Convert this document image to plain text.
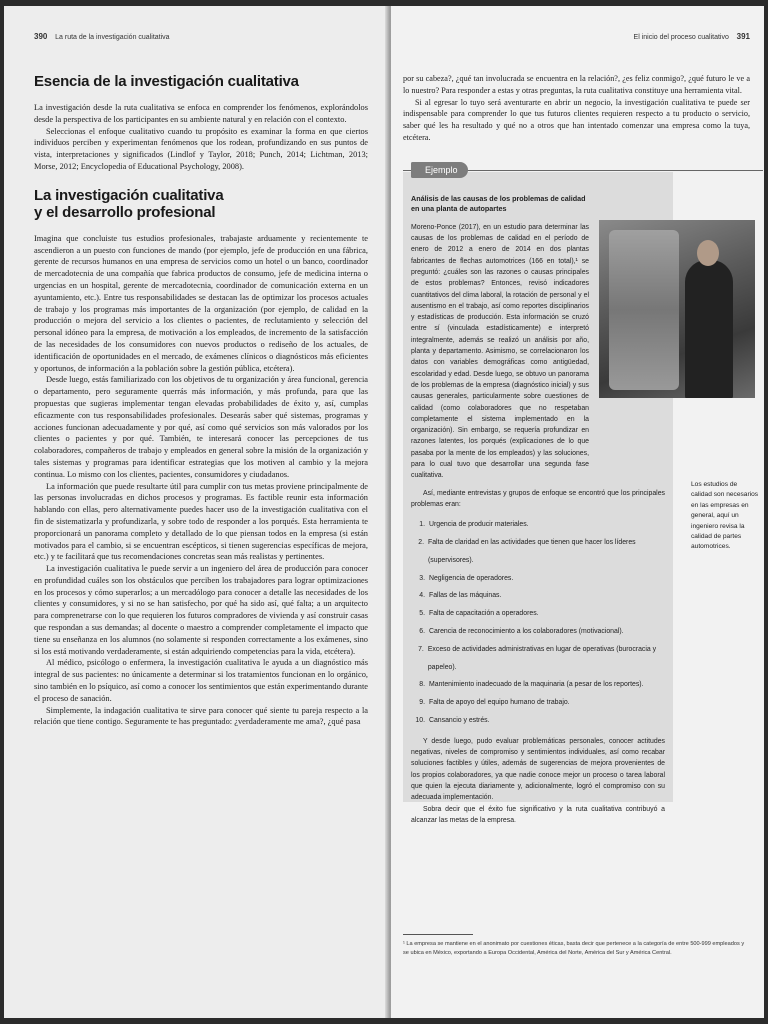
390 La ruta de la investigación cualitativa
Esencia de la investigación cualitativa

La investigación desde la ruta cualitativa se enfoca en comprender los fenómenos, explorándolos desde la perspectiva de los participantes en su ambiente natural y en relación con el contexto.

Seleccionas el enfoque cualitativo cuando tu propósito es examinar la forma en que ciertos individuos perciben y experimentan fenómenos que los rodean, profundizando en sus puntos de vista, interpretaciones y significados (Lindlof y Taylor, 2018; Punch, 2014; Lichtman, 2013; Morse, 2012; Encyclopedia of Educational Psychology, 2008).

La investigación cualitativa
y el desarrollo profesional

Imagina que concluiste tus estudios profesionales, trabajaste arduamente y recientemente te ascendieron a un puesto con funciones de mando (por ejemplo, jefe de producción en una fábrica, gerente de recursos humanos en una empresa de servicios como un hotel o un banco, coordinador de mercadotecnia de una compañía que fabrica productos de consumo, jefe de medicina interna o urgencias en un hospital, gerente de mercadotecnia, coordinador de comunicación externa en un ayuntamiento, etc.). Entre tus responsabilidades se destacan las de optimizar los procesos actuales de trabajo y los programas más importantes de la organización (por ejemplo, de calidad en la producción o mejora del servicio a los clientes o pacientes, de reclutamiento y selección del personal idóneo para la empresa, de motivación a los empleados, de incremento de la satisfacción de las necesidades de los consumidores con nuevos productos o rediseño de los actuales, de identificación de oportunidades en el mercado, de exámenes clínicos o diagnósticos más eficientes y oportunos, de información a la población sobre la gestión pública, etcétera).

Desde luego, estás familiarizado con los objetivos de tu organización y área funcional, gerencia o departamento, pero seguramente querrás más información, y más profunda, para que las propuestas que sugieras implementar tengan elevadas probabilidades de éxito y, así, cumplas eficazmente con tus responsabilidades profesionales. Desearás saber qué sistemas, programas y acciones funcionan adecuadamente y por qué, así como qué servicios son más valorados por los clientes o pacientes y por qué. También, te interesará conocer las percepciones de tus colaboradores, compañeros de trabajo y empleados en general sobre la misión de la organización y tales sistemas y programas para identificar estrategias que los motiven al cambio y la mejora continua. Lo mismo con los clientes, pacientes, consumidores y ciudadanos.

La información que puede resultarte útil para cumplir con tus metas proviene principalmente de las personas involucradas en dichos procesos y programas. Es factible reunir esta información hablando con ellas, pero alternativamente puedes hacer uso de la investigación cualitativa con el fin de sistematizarla y profundizarla, y sobre todo de responder a los porqués. Esta herramienta te proporcionará un panorama completo y detallado de lo que piensan todos en la empresa (si están motivados para el cambio, si se encuentran escépticos, si tienen sugerencias específicas de mejora, etc.) y te facilitará que tus recomendaciones concretas sean más realistas y pertinentes.

La investigación cualitativa le puede servir a un ingeniero del área de producción para conocer en profundidad cuáles son los obstáculos que perciben los trabajadores para lograr optimizaciones en los procesos y cómo superarlos; a un mercadólogo para conocer a detalle las necesidades de los clientes y consumidores, y si no se han satisfecho, por qué ha sido así, qué falta; a un arquitecto para comprenetrarse con lo que requieren los futuros compradores de vivienda y así construir casas que respondan a sus demandas; al docente o maestro a comprender completamente el impacto que tiene su enseñanza en los alumnos (no solamente si responden correctamente a los exámenes, sino si los está motivando verdaderamente, si están adquiriendo competencias para la vida, etcétera).

Al médico, psicólogo o enfermera, la investigación cualitativa le ayuda a un diagnóstico más integral de sus pacientes: no únicamente a determinar si los tratamientos funcionan en lo orgánico, sino también en lo psíquico, así como a conocer los sentimientos que están experimentando durante el proceso de sanación.

Simplemente, la indagación cualitativa te sirve para conocer qué siente tu pareja respecto a la relación que tiene contigo. Seguramente te has preguntado: ¿verdaderamente me ama?, ¿qué pasa

El inicio del proceso cualitativo 391

por su cabeza?, ¿qué tan involucrada se encuentra en la relación?, ¿es feliz conmigo?, ¿qué futuro le ve a lo nuestro? Para responder a estas y otras preguntas, la ruta cualitativa constituye una herramienta vital.

Si al egresar lo tuyo será aventurarte en abrir un negocio, la investigación cualitativa te puede ser indispensable para comprender lo que tus futuros clientes requieren respecto a tu producto o servicio, saber qué les ha resultado y qué no a otros que han intentado comenzar una empresa como la tuya, etcétera.

Ejemplo
Análisis de las causas de los problemas de calidad
en una planta de autopartes

Moreno-Ponce (2017), en un estudio para determinar las causas de los problemas de calidad en el período de enero de 2012 a enero de 2014 en dos plantas fabricantes de flechas automotrices (166 en total),¹ se preguntó: ¿cuáles son las razones o causas principales de estos problemas? Entonces, revisó indicadores cuantitativos del clima laboral, la rotación de personal y el ausentismo en el trabajo, así como reportes disciplinarios y estadísticas de producción. Esta información se cruzó entre sí (vinculada estadísticamente) e interpretó integralmente, además se realizó un análisis por año, planta y departamento. Asimismo, se correlacionaron los datos con variables demográficas como antigüedad, escolaridad y edad. Desde luego, se obtuvo un panorama de los problemas de la empresa (diagnóstico inicial) y sus causas generales, particularmente sobre cuestiones de calidad (como colaboradores que no respetaban completamente el sistema implementado en la organización). Sin embargo, se requería profundizar en razones latentes, los porqués (explicaciones de lo que pasaba por la mente de los empleados) y las soluciones, para lo cual tuvo que desarrollar una segunda fase cualitativa.

Así, mediante entrevistas y grupos de enfoque se encontró que los principales problemas eran:

1. Urgencia de producir materiales.
2. Falta de claridad en las actividades que tienen que hacer los líderes (supervisores).
3. Negligencia de operadores.
4. Fallas de las máquinas.
5. Falta de capacitación a operadores.
6. Carencia de reconocimiento a los colaboradores (motivacional).
7. Exceso de actividades administrativas en lugar de operativas (burocracia y papeleo).
8. Mantenimiento inadecuado de la maquinaria (a pesar de los reportes).
9. Falta de apoyo del equipo humano de trabajo.
10. Cansancio y estrés.

Y desde luego, pudo evaluar problemáticas personales, conocer actitudes negativas, niveles de compromiso y sentimientos individuales, así como recabar soluciones factibles y útiles, además de sugerencias de mejora provenientes de los propios colaboradores, ya que nadie conoce mejor un proceso o tarea laboral que quien la ejecuta diariamente y, adicionalmente, logró el compromiso con su adecuada implementación.

Sobra decir que el éxito fue significativo y la ruta cualitativa contribuyó a alcanzar las metas de la empresa.

Los estudios de calidad son necesarios en las empresas en general, aquí un ingeniero revisa la calidad de partes automotrices.
¹ La empresa se mantiene en el anonimato por cuestiones éticas, basta decir que pertenece a la categoría de entre 500-999 empleados y se ubica en México, exportando a Europa Occidental, América del Norte, América del Sur y América Central.
